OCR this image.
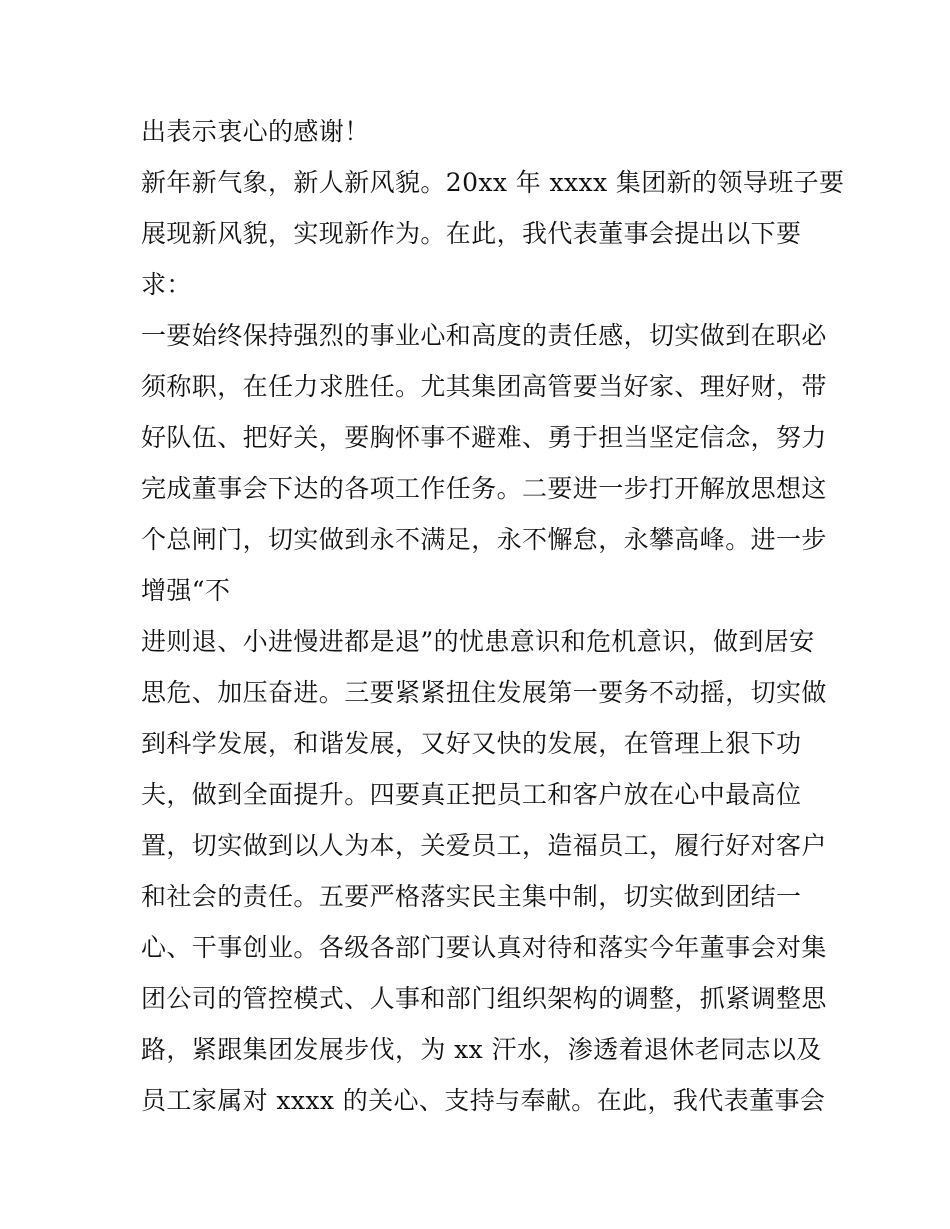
出表示衷心的感谢！
新年新气象，新人新风貌。20xx 年 xxxx 集团新的领导班子要
展现新风貌，实现新作为。在此，我代表董事会提出以下要
求：
一要始终保持强烈的事业心和高度的责任感，切实做到在职必
须称职，在任力求胜任。尤其集团高管要当好家、理好财，带
好队伍、把好关，要胸怀事不避难、勇于担当坚定信念，努力
完成董事会下达的各项工作任务。二要进一步打开解放思想这
个总闸门，切实做到永不满足，永不懈怠，永攀高峰。进一步
增强“不
进则退、小进慢进都是退”的忧患意识和危机意识，做到居安
思危、加压奋进。三要紧紧扭住发展第一要务不动摇，切实做
到科学发展，和谐发展，又好又快的发展，在管理上狠下功
夫，做到全面提升。四要真正把员工和客户放在心中最高位
置，切实做到以人为本，关爱员工，造福员工，履行好对客户
和社会的责任。五要严格落实民主集中制，切实做到团结一
心、干事创业。各级各部门要认真对待和落实今年董事会对集
团公司的管控模式、人事和部门组织架构的调整，抓紧调整思
路，紧跟集团发展步伐，为 xx 汗水，渗透着退休老同志以及
员工家属对 xxxx 的关心、支持与奉献。在此，我代表董事会
